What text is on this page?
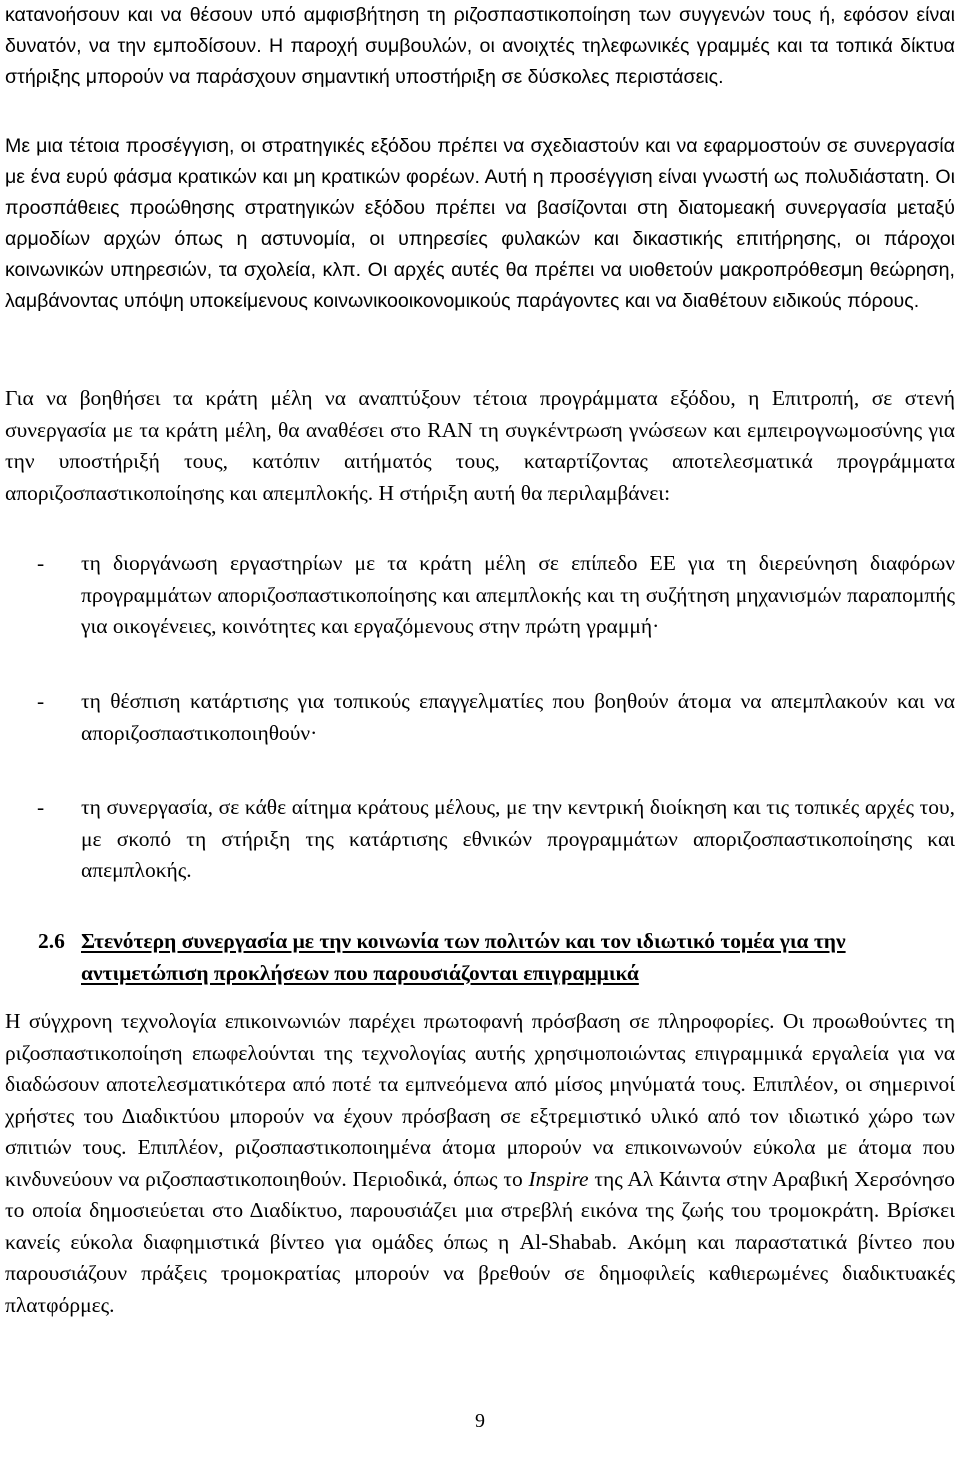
κατανοήσουν και να θέσουν υπό αμφισβήτηση τη ριζοσπαστικοποίηση των συγγενών τους ή, εφόσον είναι δυνατόν, να την εμποδίσουν. Η παροχή συμβουλών, οι ανοιχτές τηλεφωνικές γραμμές και τα τοπικά δίκτυα στήριξης μπορούν να παράσχουν σημαντική υποστήριξη σε δύσκολες περιστάσεις.

Με μια τέτοια προσέγγιση, οι στρατηγικές εξόδου πρέπει να σχεδιαστούν και να εφαρμοστούν σε συνεργασία με ένα ευρύ φάσμα κρατικών και μη κρατικών φορέων. Αυτή η προσέγγιση είναι γνωστή ως πολυδιάστατη. Οι προσπάθειες προώθησης στρατηγικών εξόδου πρέπει να βασίζονται στη διατομεακή συνεργασία μεταξύ αρμοδίων αρχών όπως η αστυνομία, οι υπηρεσίες φυλακών και δικαστικής επιτήρησης, οι πάροχοι κοινωνικών υπηρεσιών, τα σχολεία, κλπ. Οι αρχές αυτές θα πρέπει να υιοθετούν μακροπρόθεσμη θεώρηση, λαμβάνοντας υπόψη υποκείμενους κοινωνικοοικονομικούς παράγοντες και να διαθέτουν ειδικούς πόρους.

Για να βοηθήσει τα κράτη μέλη να αναπτύξουν τέτοια προγράμματα εξόδου, η Επιτροπή, σε στενή συνεργασία με τα κράτη μέλη, θα αναθέσει στο RAN τη συγκέντρωση γνώσεων και εμπειρογνωμοσύνης για την υποστήριξή τους, κατόπιν αιτήματός τους, καταρτίζοντας αποτελεσματικά προγράμματα απoριζοσπαστικοποίησης και απεμπλοκής. Η στήριξη αυτή θα περιλαμβάνει:

- τη διοργάνωση εργαστηρίων με τα κράτη μέλη σε επίπεδο ΕΕ για τη διερεύνηση διαφόρων προγραμμάτων απoριζοσπαστικοποίησης και απεμπλοκής και τη συζήτηση μηχανισμών παραπομπής για οικογένειες, κοινότητες και εργαζόμενους στην πρώτη γραμμή·

- τη θέσπιση κατάρτισης για τοπικούς επαγγελματίες που βοηθούν άτομα να απεμπλακούν και να απoριζοσπαστικοποιηθούν·

- τη συνεργασία, σε κάθε αίτημα κράτους μέλους, με την κεντρική διοίκηση και τις τοπικές αρχές του, με σκοπό τη στήριξη της κατάρτισης εθνικών προγραμμάτων απoριζοσπαστικοποίησης και απεμπλοκής.

2.6 Στενότερη συνεργασία με την κοινωνία των πολιτών και τον ιδιωτικό τομέα για την αντιμετώπιση προκλήσεων που παρουσιάζονται επιγραμμικά

Η σύγχρονη τεχνολογία επικοινωνιών παρέχει πρωτοφανή πρόσβαση σε πληροφορίες. Οι προωθούντες τη ριζοσπαστικοποίηση επωφελούνται της τεχνολογίας αυτής χρησιμοποιώντας επιγραμμικά εργαλεία για να διαδώσουν αποτελεσματικότερα από ποτέ τα εμπνεόμενα από μίσος μηνύματά τους. Επιπλέον, οι σημερινοί χρήστες του Διαδικτύου μπορούν να έχουν πρόσβαση σε εξτρεμιστικό υλικό από τον ιδιωτικό χώρο των σπιτιών τους. Επιπλέον, ριζοσπαστικοποιημένα άτομα μπορούν να επικοινωνούν εύκολα με άτομα που κινδυνεύουν να ριζοσπαστικοποιηθούν. Περιοδικά, όπως το Inspire της Αλ Κάιντα στην Αραβική Χερσόνησο το οποία δημοσιεύεται στο Διαδίκτυο, παρουσιάζει μια στρεβλή εικόνα της ζωής του τρομοκράτη. Βρίσκει κανείς εύκολα διαφημιστικά βίντεο για ομάδες όπως η Al-Shabab. Ακόμη και παραστατικά βίντεο που παρουσιάζουν πράξεις τρομοκρατίας μπορούν να βρεθούν σε δημοφιλείς καθιερωμένες διαδικτυακές πλατφόρμες.

9
